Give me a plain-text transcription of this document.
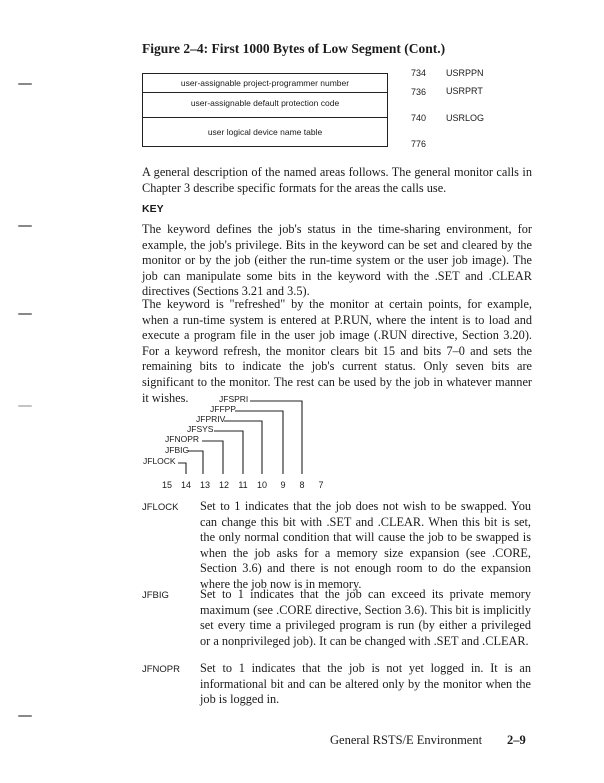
Figure 2–4: First 1000 Bytes of Low Segment (Cont.)
user-assignable project-programmer number
user-assignable default protection code
user logical device name table
734 USRPPN
736 USRPRT
740 USRLOG
776
A general description of the named areas follows. The general monitor calls in Chapter 3 describe specific formats for the areas the calls use.
KEY
The keyword defines the job's status in the time-sharing environment, for example, the job's privilege. Bits in the keyword can be set and cleared by the monitor or by the job (either the run-time system or the user job image). The job can manipulate some bits in the keyword with the .SET and .CLEAR directives (Sections 3.21 and 3.5).
The keyword is "refreshed" by the monitor at certain points, for example, when a run-time system is entered at P.RUN, where the intent is to load and execute a program file in the user job image (.RUN directive, Section 3.20). For a keyword refresh, the monitor clears bit 15 and bits 7–0 and sets the remaining bits to indicate the job's current status. Only seven bits are significant to the monitor. The rest can be used by the job in whatever manner it wishes.	JFSPRI
JFFPP
JFPRIV
JFSYS
JFNOPR
JFBIG
JFLOCK
15 14 13 12 11 10 9 8 7
JFLOCK Set to 1 indicates that the job does not wish to be swapped. You can change this bit with .SET and .CLEAR. When this bit is set, the only normal condition that will cause the job to be swapped is when the job asks for a memory size expansion (see .CORE, Section 3.6) and there is not enough room to do the expansion where the job now is in memory.
JFBIG	Set to 1 indicates that the job can exceed its private memory maximum (see .CORE directive, Section 3.6). This bit is implicitly set every time a privileged program is run (by either a privileged or a nonprivileged job). It can be changed with .SET and .CLEAR.
JFNOPR Set to 1 indicates that the job is not yet logged in. It is an informational bit and can be altered only by the monitor when the job is logged in.
General RSTS/E Environment 2–9
